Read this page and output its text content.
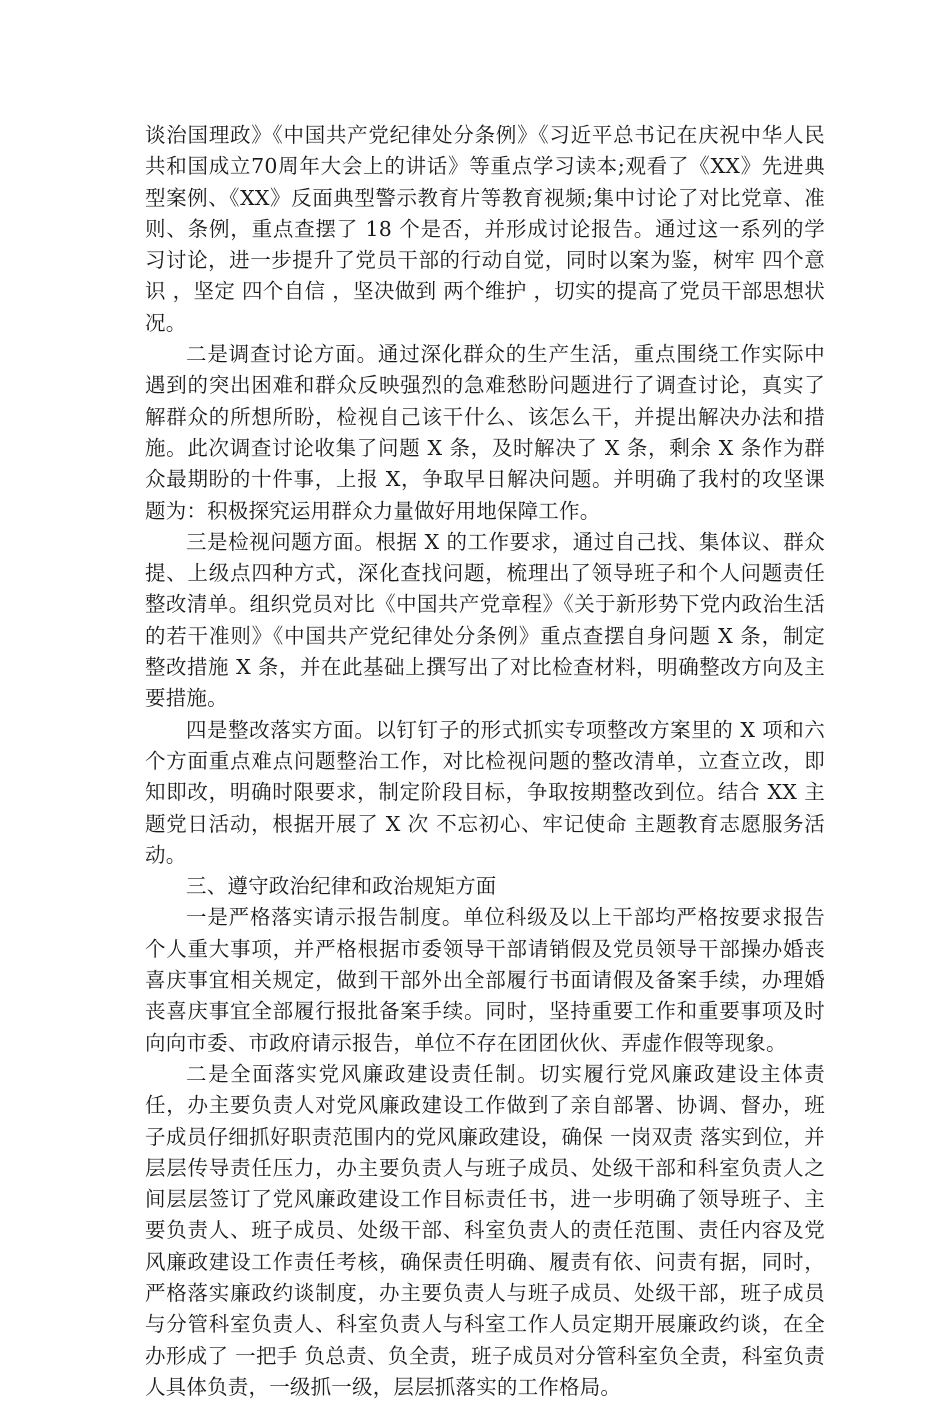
谈治国理政》《中国共产党纪律处分条例》《习近平总书记在庆祝中华人民共和国成立70周年大会上的讲话》等重点学习读本;观看了《XX》先进典型案例、《XX》反面典型警示教育片等教育视频;集中讨论了对比党章、准则、条例，重点查摆了 18 个是否，并形成讨论报告。通过这一系列的学习讨论，进一步提升了党员干部的行动自觉，同时以案为鉴，树牢 四个意识 ，坚定 四个自信 ，坚决做到 两个维护 ，切实的提高了党员干部思想状况。

二是调查讨论方面。通过深化群众的生产生活，重点围绕工作实际中遇到的突出困难和群众反映强烈的急难愁盼问题进行了调查讨论，真实了解群众的所想所盼，检视自己该干什么、该怎么干，并提出解决办法和措施。此次调查讨论收集了问题 X 条，及时解决了 X 条，剩余 X 条作为群众最期盼的十件事，上报 X，争取早日解决问题。并明确了我村的攻坚课题为：积极探究运用群众力量做好用地保障工作。

三是检视问题方面。根据 X 的工作要求，通过自己找、集体议、群众提、上级点四种方式，深化查找问题，梳理出了领导班子和个人问题责任整改清单。组织党员对比《中国共产党章程》《关于新形势下党内政治生活的若干准则》《中国共产党纪律处分条例》重点查摆自身问题 X 条，制定整改措施 X 条，并在此基础上撰写出了对比检查材料，明确整改方向及主要措施。

四是整改落实方面。以钉钉子的形式抓实专项整改方案里的 X 项和六个方面重点难点问题整治工作，对比检视问题的整改清单，立查立改，即知即改，明确时限要求，制定阶段目标，争取按期整改到位。结合 XX 主题党日活动，根据开展了 X 次 不忘初心、牢记使命 主题教育志愿服务活动。

三、遵守政治纪律和政治规矩方面

一是严格落实请示报告制度。单位科级及以上干部均严格按要求报告个人重大事项，并严格根据市委领导干部请销假及党员领导干部操办婚丧喜庆事宜相关规定，做到干部外出全部履行书面请假及备案手续，办理婚丧喜庆事宜全部履行报批备案手续。同时，坚持重要工作和重要事项及时向向市委、市政府请示报告，单位不存在团团伙伙、弄虚作假等现象。

二是全面落实党风廉政建设责任制。切实履行党风廉政建设主体责任，办主要负责人对党风廉政建设工作做到了亲自部署、协调、督办，班子成员仔细抓好职责范围内的党风廉政建设，确保 一岗双责 落实到位，并层层传导责任压力，办主要负责人与班子成员、处级干部和科室负责人之间层层签订了党风廉政建设工作目标责任书，进一步明确了领导班子、主要负责人、班子成员、处级干部、科室负责人的责任范围、责任内容及党风廉政建设工作责任考核，确保责任明确、履责有依、问责有据，同时，严格落实廉政约谈制度，办主要负责人与班子成员、处级干部，班子成员与分管科室负责人、科室负责人与科室工作人员定期开展廉政约谈，在全办形成了 一把手 负总责、负全责，班子成员对分管科室负全责，科室负责人具体负责，一级抓一级，层层抓落实的工作格局。
